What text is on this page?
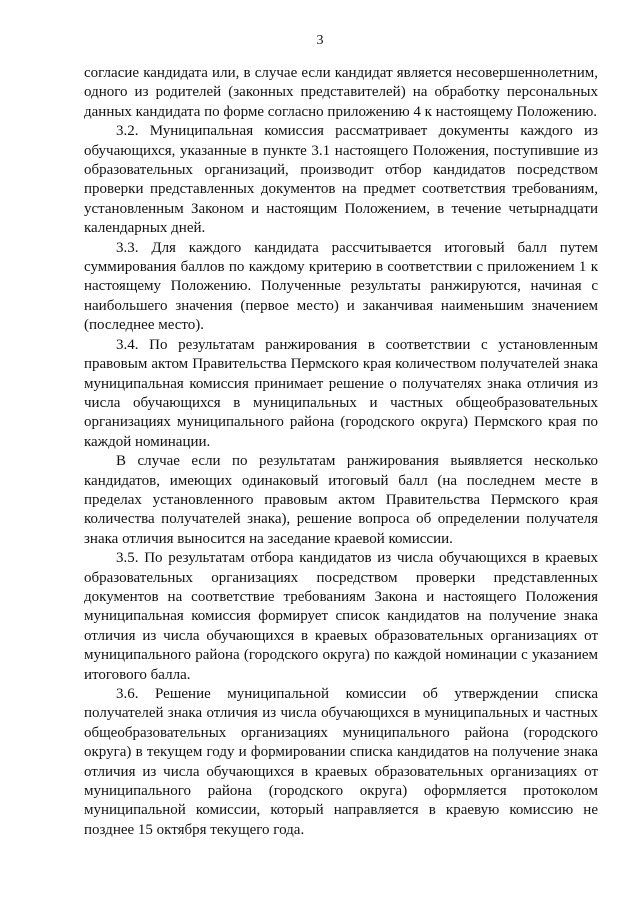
3

согласие кандидата или, в случае если кандидат является несовершеннолетним, одного из родителей (законных представителей) на обработку персональных данных кандидата по форме согласно приложению 4 к настоящему Положению.

3.2. Муниципальная комиссия рассматривает документы каждого из обучающихся, указанные в пункте 3.1 настоящего Положения, поступившие из образовательных организаций, производит отбор кандидатов посредством проверки представленных документов на предмет соответствия требованиям, установленным Законом и настоящим Положением, в течение четырнадцати календарных дней.

3.3. Для каждого кандидата рассчитывается итоговый балл путем суммирования баллов по каждому критерию в соответствии с приложением 1 к настоящему Положению. Полученные результаты ранжируются, начиная с наибольшего значения (первое место) и заканчивая наименьшим значением (последнее место).

3.4. По результатам ранжирования в соответствии с установленным правовым актом Правительства Пермского края количеством получателей знака муниципальная комиссия принимает решение о получателях знака отличия из числа обучающихся в муниципальных и частных общеобразовательных организациях муниципального района (городского округа) Пермского края по каждой номинации.

В случае если по результатам ранжирования выявляется несколько кандидатов, имеющих одинаковый итоговый балл (на последнем месте в пределах установленного правовым актом Правительства Пермского края количества получателей знака), решение вопроса об определении получателя знака отличия выносится на заседание краевой комиссии.

3.5. По результатам отбора кандидатов из числа обучающихся в краевых образовательных организациях посредством проверки представленных документов на соответствие требованиям Закона и настоящего Положения муниципальная комиссия формирует список кандидатов на получение знака отличия из числа обучающихся в краевых образовательных организациях от муниципального района (городского округа) по каждой номинации с указанием итогового балла.

3.6. Решение муниципальной комиссии об утверждении списка получателей знака отличия из числа обучающихся в муниципальных и частных общеобразовательных организациях муниципального района (городского округа) в текущем году и формировании списка кандидатов на получение знака отличия из числа обучающихся в краевых образовательных организациях от муниципального района (городского округа) оформляется протоколом муниципальной комиссии, который направляется в краевую комиссию не позднее 15 октября текущего года.
